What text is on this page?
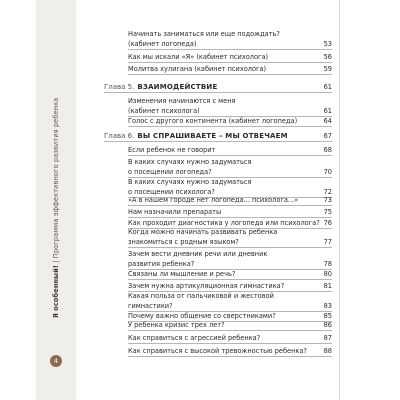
Я особенный! | Программа эффективного развития ребенка
4
Начинать заниматься или еще подождать?
(кабинет логопеда)	53
Как мы искали «Я» (кабинет психолога)	56
Молитва хулигана (кабинет психолога)	59
Глава 5. ВЗАИМОДЕЙСТВИЕ	61
Изменения начинаются с меня
(кабинет психолога)	61
Голос с другого континента (кабинет логопеда)	64
Глава 6. ВЫ СПРАШИВАЕТЕ – МЫ ОТВЕЧАЕМ	67
Если ребенок не говорит	68
В каких случаях нужно задуматься
о посещении логопеда?	70
В каких случаях нужно задуматься
о посещении психолога?	72
«А в нашем городе нет логопеда... психолога...»	73
Нам назначили препараты	75
Как проходит диагностика у логопеда или психолога? 76
Когда можно начинать развивать ребенка
знакомиться с родным языком?	77
Зачем вести дневник речи или дневник
развития ребенка?	78
Связаны ли мышление и речь?	80
Зачем нужна артикуляционная гимнастика?	81
Какая польза от пальчиковой и жестовой
гимнастики?	83
Почему важно общение со сверстниками?	85
У ребенка кризис трех лет?	86
Как справиться с агрессией ребенка?	87
Как справиться с высокой тревожностью ребенка?	88
